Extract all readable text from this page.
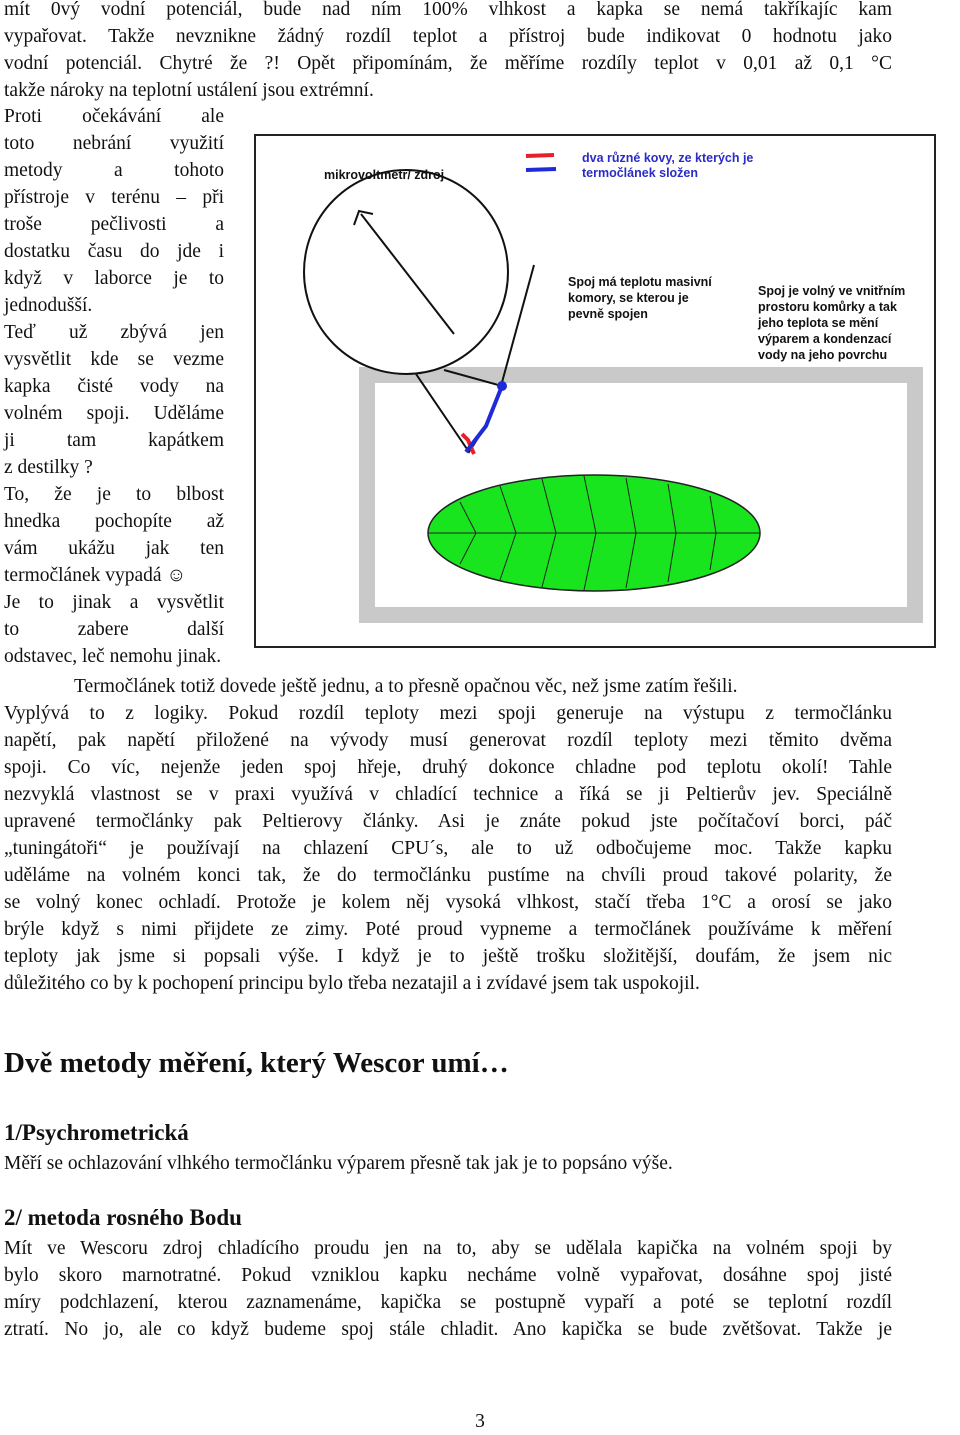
mít 0vý vodní potenciál, bude nad ním 100% vlhkost a kapka se nemá takříkajíc kam
vypařovat. Takže nevznikne žádný rozdíl teplot a přístroj bude indikovat 0 hodnotu jako
vodní potenciál. Chytré že ?! Opět připomínám, že měříme rozdíly teplot v 0,01 až 0,1 °C
takže nároky na teplotní ustálení jsou extrémní.
Proti očekávání ale
toto nebrání využití
metody a tohoto
přístroje v terénu – při
troše pečlivosti a
dostatku času do jde i
když v laborce je to
jednodušší.
Teď už zbývá jen
vysvětlit kde se vezme
kapka čisté vody na
volném spoji. Uděláme
ji tam kapátkem
z destilky ?
To, že je to blbost
hnedka pochopíte až
vám ukážu jak ten
termočlánek vypadá ☺
Je to jinak a vysvětlit
to zabere další
odstavec, leč nemohu jinak.
mikrovoltmetr/ zdroj
dva různé kovy, ze kterých je
termočlánek složen
Spoj má teplotu masivní
komory, se kterou je
pevně spojen
Spoj je volný ve vnitřním
prostoru komůrky a tak
jeho teplota se mění
výparem a kondenzací
vody na jeho povrchu
Termočlánek totiž dovede ještě jednu, a to přesně opačnou věc, než jsme zatím řešili.
Vyplývá to z logiky. Pokud rozdíl teploty mezi spoji generuje na výstupu z termočlánku
napětí, pak napětí přiložené na vývody musí generovat rozdíl teploty mezi těmito dvěma
spoji. Co víc, nejenže jeden spoj hřeje, druhý dokonce chladne pod teplotu okolí! Tahle
nezvyklá vlastnost se v praxi využívá v chladící technice a říká se ji Peltierův jev. Speciálně
upravené termočlánky pak Peltierovy články. Asi je znáte pokud jste počítačoví borci, páč
„tuningátoři“ je používají na chlazení CPU´s, ale to už odbočujeme moc. Takže kapku
uděláme na volném konci tak, že do termočlánku pustíme na chvíli proud takové polarity, že
se volný konec ochladí. Protože je kolem něj vysoká vlhkost, stačí třeba 1°C a orosí se jako
brýle když s nimi přijdete ze zimy. Poté proud vypneme a termočlánek používáme k měření
teploty jak jsme si popsali výše. I když je to ještě trošku složitější, doufám, že jsem nic
důležitého co by k pochopení principu bylo třeba nezatajil a i zvídavé jsem tak uspokojil.
Dvě metody měření, který Wescor umí…
1/Psychrometrická
Měří se ochlazování vlhkého termočlánku výparem přesně tak jak je to popsáno výše.
2/ metoda rosného Bodu
Mít ve Wescoru zdroj chladícího proudu jen na to, aby se udělala kapička na volném spoji by
bylo skoro marnotratné. Pokud vzniklou kapku necháme volně vypařovat, dosáhne spoj jisté
míry podchlazení, kterou zaznamenáme, kapička se postupně vypaří a poté se teplotní rozdíl
ztratí. No jo, ale co když budeme spoj stále chladit. Ano kapička se bude zvětšovat. Takže je
3
